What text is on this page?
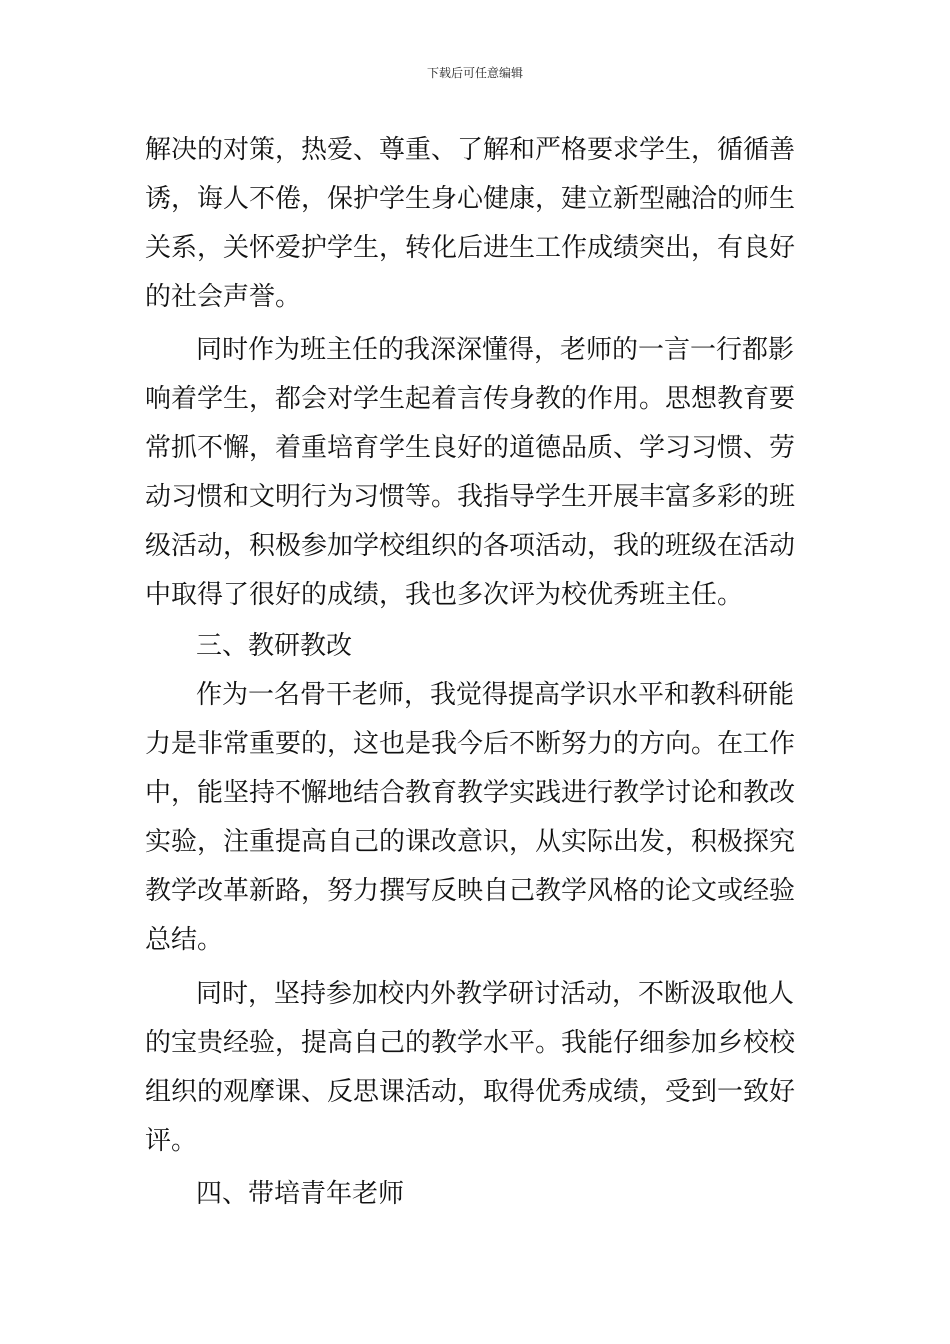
下载后可任意编辑
解决的对策，热爱、尊重、了解和严格要求学生，循循善
诱，诲人不倦，保护学生身心健康，建立新型融洽的师生
关系，关怀爱护学生，转化后进生工作成绩突出，有良好
的社会声誉。
同时作为班主任的我深深懂得，老师的一言一行都影
响着学生，都会对学生起着言传身教的作用。思想教育要
常抓不懈，着重培育学生良好的道德品质、学习习惯、劳
动习惯和文明行为习惯等。我指导学生开展丰富多彩的班
级活动，积极参加学校组织的各项活动，我的班级在活动
中取得了很好的成绩，我也多次评为校优秀班主任。
三、教研教改
作为一名骨干老师，我觉得提高学识水平和教科研能
力是非常重要的，这也是我今后不断努力的方向。在工作
中，能坚持不懈地结合教育教学实践进行教学讨论和教改
实验，注重提高自己的课改意识，从实际出发，积极探究
教学改革新路，努力撰写反映自己教学风格的论文或经验
总结。
同时，坚持参加校内外教学研讨活动，不断汲取他人
的宝贵经验，提高自己的教学水平。我能仔细参加乡校校
组织的观摩课、反思课活动，取得优秀成绩，受到一致好
评。
四、带培青年老师
